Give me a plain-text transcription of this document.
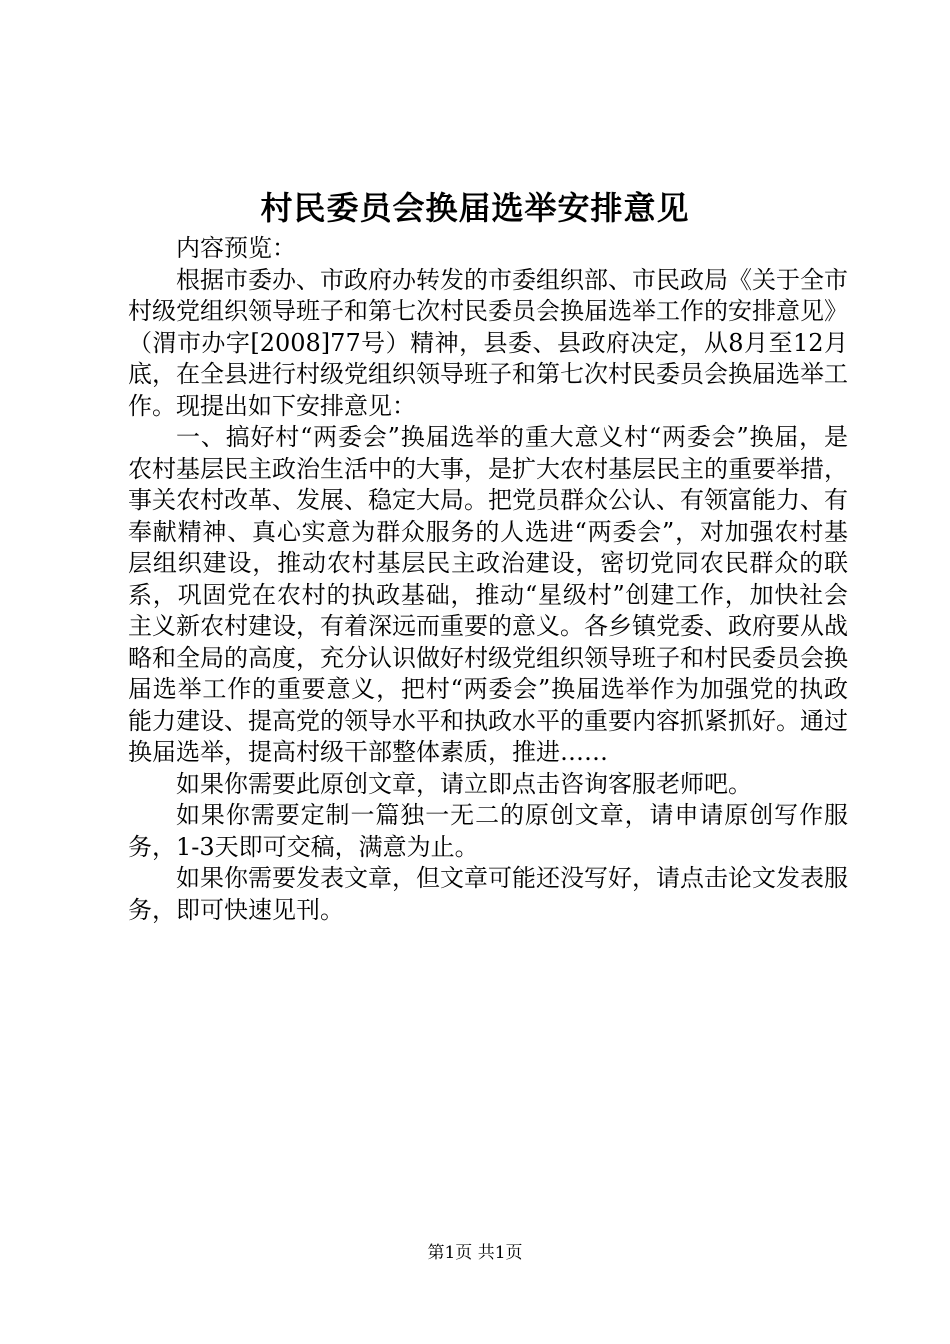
村民委员会换届选举安排意见

内容预览：

根据市委办、市政府办转发的市委组织部、市民政局《关于全市村级党组织领导班子和第七次村民委员会换届选举工作的安排意见》（渭市办字[2008]77号）精神，县委、县政府决定，从8月至12月底，在全县进行村级党组织领导班子和第七次村民委员会换届选举工作。现提出如下安排意见：

一、搞好村“两委会”换届选举的重大意义村“两委会”换届，是农村基层民主政治生活中的大事，是扩大农村基层民主的重要举措，事关农村改革、发展、稳定大局。把党员群众公认、有领富能力、有奉献精神、真心实意为群众服务的人选进“两委会”，对加强农村基层组织建设，推动农村基层民主政治建设，密切党同农民群众的联系，巩固党在农村的执政基础，推动“星级村”创建工作，加快社会主义新农村建设，有着深远而重要的意义。各乡镇党委、政府要从战略和全局的高度，充分认识做好村级党组织领导班子和村民委员会换届选举工作的重要意义，把村“两委会”换届选举作为加强党的执政能力建设、提高党的领导水平和执政水平的重要内容抓紧抓好。通过换届选举，提高村级干部整体素质，推进……

如果你需要此原创文章，请立即点击咨询客服老师吧。

如果你需要定制一篇独一无二的原创文章，请申请原创写作服务，1-3天即可交稿，满意为止。

如果你需要发表文章，但文章可能还没写好，请点击论文发表服务，即可快速见刊。

第1页 共1页
